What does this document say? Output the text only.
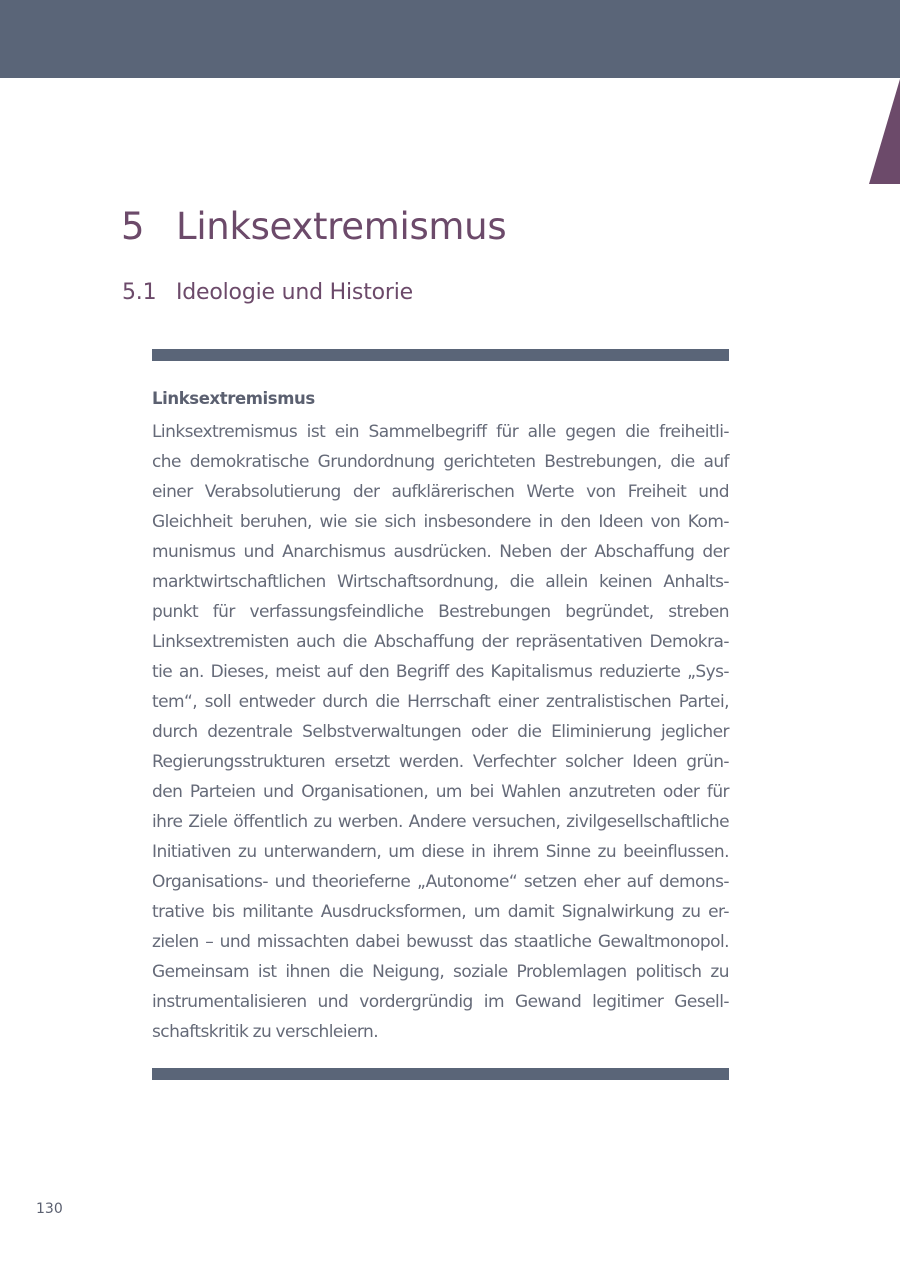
5 Linksextremismus
5.1 Ideologie und Historie
Linksextremismus
Linksextremismus ist ein Sammelbegriff für alle gegen die freiheitli-
che demokratische Grundordnung gerichteten Bestrebungen, die auf
einer Verabsolutierung der aufklärerischen Werte von Freiheit und
Gleichheit beruhen, wie sie sich insbesondere in den Ideen von Kom-
munismus und Anarchismus ausdrücken. Neben der Abschaffung der
marktwirtschaftlichen Wirtschaftsordnung, die allein keinen Anhalts-
punkt für verfassungsfeindliche Bestrebungen begründet, streben
Linksextremisten auch die Abschaffung der repräsentativen Demokra-
tie an. Dieses, meist auf den Begriff des Kapitalismus reduzierte „Sys-
tem“, soll entweder durch die Herrschaft einer zentralistischen Partei,
durch dezentrale Selbstverwaltungen oder die Eliminierung jeglicher
Regierungsstrukturen ersetzt werden. Verfechter solcher Ideen grün-
den Parteien und Organisationen, um bei Wahlen anzutreten oder für
ihre Ziele öffentlich zu werben. Andere versuchen, zivilgesellschaftliche
Initiativen zu unterwandern, um diese in ihrem Sinne zu beeinflussen.
Organisations- und theorieferne „Autonome“ setzen eher auf demons-
trative bis militante Ausdrucksformen, um damit Signalwirkung zu er-
zielen – und missachten dabei bewusst das staatliche Gewaltmonopol.
Gemeinsam ist ihnen die Neigung, soziale Problemlagen politisch zu
instrumentalisieren und vordergründig im Gewand legitimer Gesell-
schaftskritik zu verschleiern.
130
